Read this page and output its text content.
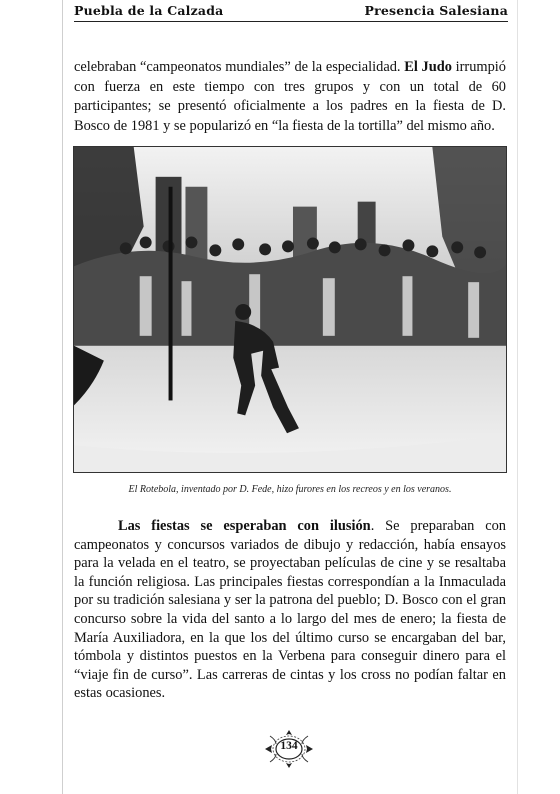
Puebla de la Calzada	Presencia Salesiana

celebraban “campeonatos mundiales” de la especialidad. El Judo irrumpió con fuerza en este tiempo con tres grupos y con un total de 60 participantes; se presentó oficialmente a los padres en la fiesta de D. Bosco de 1981 y se popularizó en “la fiesta de la tortilla” del mismo año.

El Rotebola, inventado por D. Fede, hizo furores en los recreos y en los veranos.

Las fiestas se esperaban con ilusión. Se preparaban con campeonatos y concursos variados de dibujo y redacción, había ensayos para la velada en el teatro, se proyectaban películas de cine y se resaltaba la función religiosa. Las principales fiestas correspondían a la Inmaculada por su tradición salesiana y ser la patrona del pueblo; D. Bosco con el gran concurso sobre la vida del santo a lo largo del mes de enero; la fiesta de María Auxiliadora, en la que los del último curso se encargaban del bar, tómbola y distintos puestos en la Verbena para conseguir dinero para el “viaje fin de curso”. Las carreras de cintas y los cross no podían faltar en estas ocasiones.

134
